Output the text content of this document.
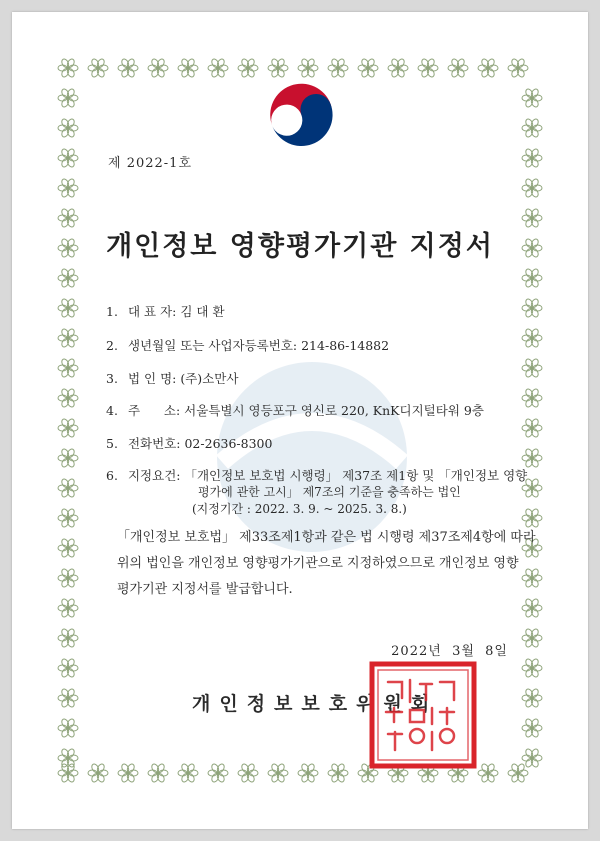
제 2022-1호
개인정보 영향평가기관 지정서
1. 대 표 자: 김 대 환
2. 생년월일 또는 사업자등록번호: 214-86-14882
3. 법 인 명: (주)소만사
4. 주      소: 서울특별시 영등포구 영신로 220, KnK디지털타워 9층
5. 전화번호: 02-2636-8300
6. 지정요건: 「개인정보 보호법 시행령」 제37조 제1항 및 「개인정보 영향
평가에 관한 고시」 제7조의 기준을 충족하는 법인
(지정기간 : 2022. 3. 9. ~ 2025. 3. 8.)
「개인정보 보호법」 제33조제1항과 같은 법 시행령 제37조제4항에 따라
위의 법인을 개인정보 영향평가기관으로 지정하였으므로 개인정보 영향
평가기관 지정서를 발급합니다.
2022년  3월  8일
개인정보보호위원회
